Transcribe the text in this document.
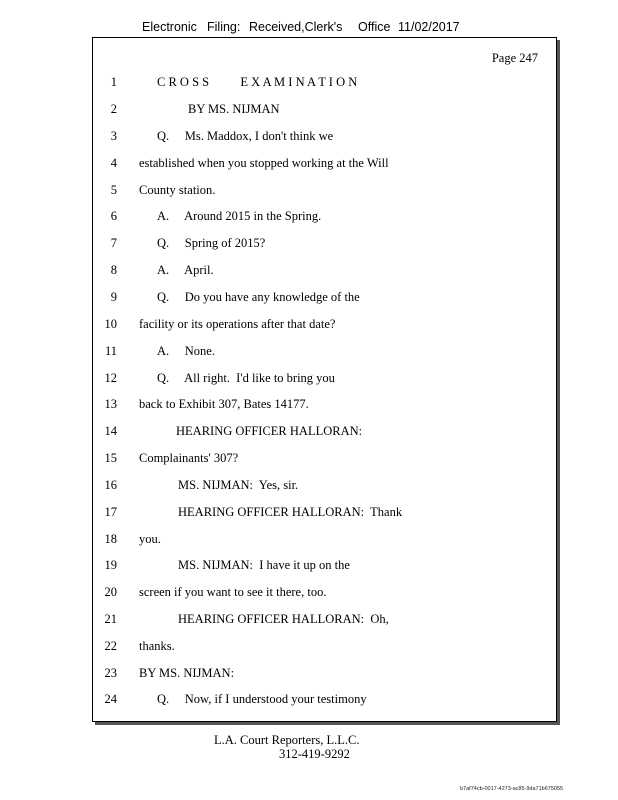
Electronic Filing: Received,Clerk's Office 11/02/2017
Page 247
1	C R O S S          E X A M I N A T I O N
2	BY MS. NIJMAN
3	Q.     Ms. Maddox, I don't think we
4 established when you stopped working at the Will
5 County station.
6	A.     Around 2015 in the Spring.
7	Q.     Spring of 2015?
8	A.     April.
9	Q.     Do you have any knowledge of the
10 facility or its operations after that date?
11	A.     None.
12	Q.     All right.  I'd like to bring you
13 back to Exhibit 307, Bates 14177.
14	HEARING OFFICER HALLORAN:
15 Complainants' 307?
16	MS. NIJMAN:  Yes, sir.
17	HEARING OFFICER HALLORAN:  Thank
18 you.
19	MS. NIJMAN:  I have it up on the
20 screen if you want to see it there, too.
21	HEARING OFFICER HALLORAN:  Oh,
22 thanks.
23 BY MS. NIJMAN:
24	Q.     Now, if I understood your testimony
L.A. Court Reporters, L.L.C.
312-419-9292
b7af74cb-0017-4273-ac85-9da71b675055
